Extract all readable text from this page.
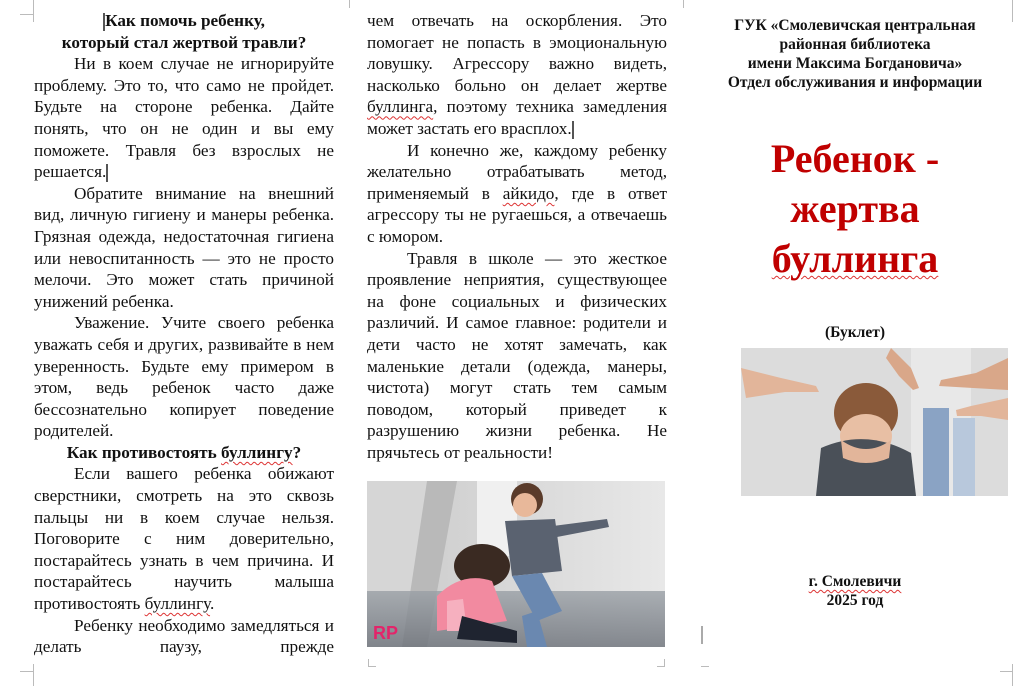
Как помочь ребенку,
который стал жертвой травли?

Ни в коем случае не игнорируйте проблему. Это то, что само не пройдет. Будьте на стороне ребенка. Дайте понять, что он не один и вы ему поможете. Травля без взрослых не решается.

Обратите внимание на внешний вид, личную гигиену и манеры ребенка. Грязная одежда, недостаточная гигиена или невоспитанность — это не просто мелочи. Это может стать причиной унижений ребенка.

Уважение. Учите своего ребенка уважать себя и других, развивайте в нем уверенность. Будьте ему примером в этом, ведь ребенок часто даже бессознательно копирует поведение родителей.

Как противостоять буллингу?

Если вашего ребенка обижают сверстники, смотреть на это сквозь пальцы ни в коем случае нельзя. Поговорите с ним доверительно, постарайтесь узнать в чем причина. И постарайтесь научить малыша противостоять буллингу.

Ребенку необходимо замедляться и делать паузу, прежде

чем отвечать на оскорбления. Это помогает не попасть в эмоциональную ловушку. Агрессору важно видеть, насколько больно он делает жертве буллинга, поэтому техника замедления может застать его врасплох.

И конечно же, каждому ребенку желательно отрабатывать метод, применяемый в айкидо, где в ответ агрессору ты не ругаешься, а отвечаешь с юмором.

Травля в школе — это жесткое проявление неприятия, существующее на фоне социальных и физических различий. И самое главное: родители и дети часто не хотят замечать, как маленькие детали (одежда, манеры, чистота) могут стать тем самым поводом, который приведет к разрушению жизни ребенка. Не прячьтесь от реальности!

RP

ГУК «Смолевичская центральная
районная библиотека
имени Максима Богдановича»
Отдел обслуживания и информации

Ребенок -
жертва
буллинга

(Буклет)

г. Смолевичи
2025 год
